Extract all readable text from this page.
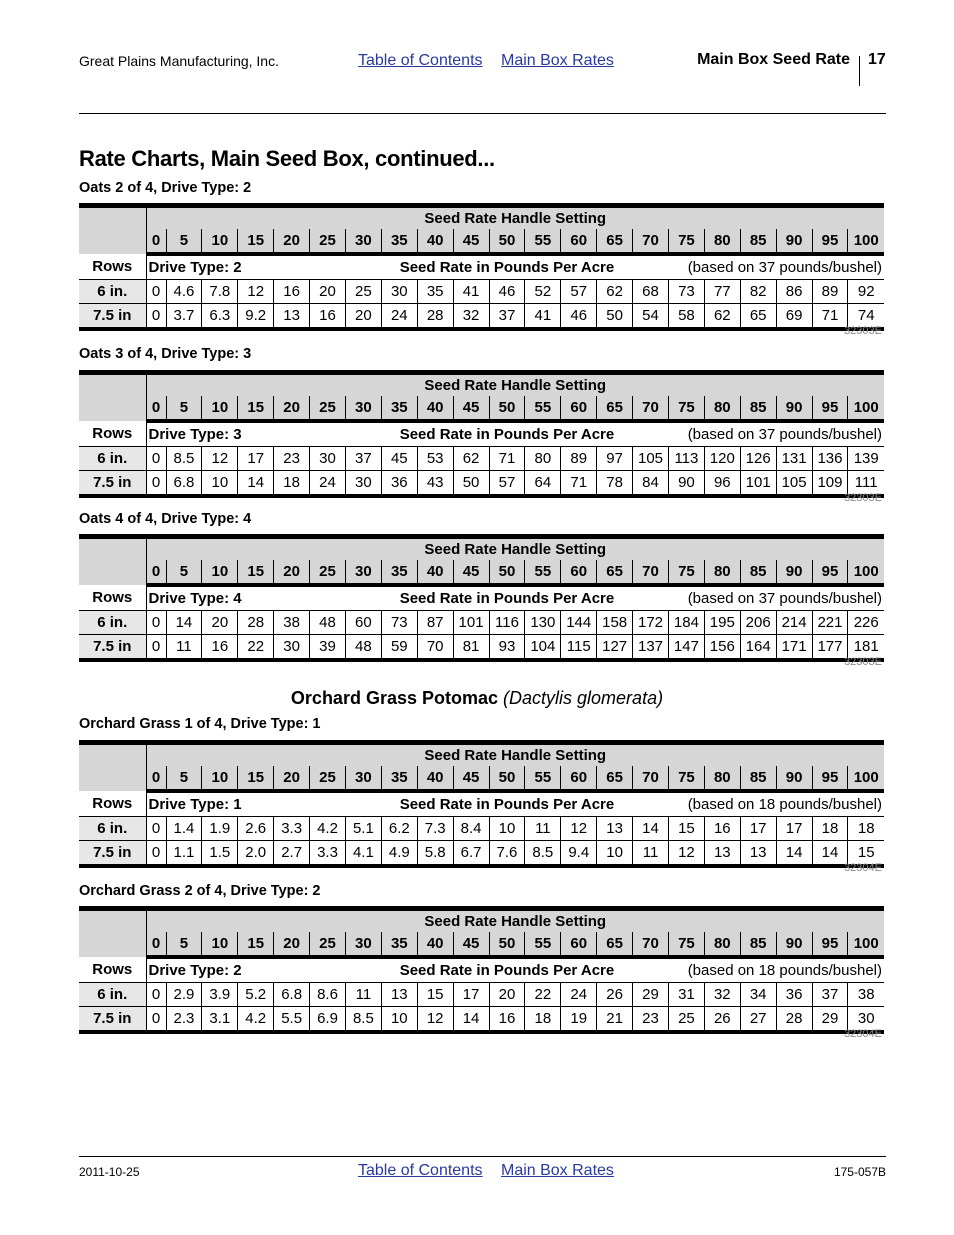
Great Plains Manufacturing, Inc.	Table of Contents Main Box Rates	Main Box Seed Rate 17
Rate Charts, Main Seed Box, continued...
Oats 2 of 4, Drive Type: 2
	Seed Rate Handle Setting																				
	0	5	10	15	20	25	30	35	40	45	50	55	60	65	70	75	80	85	90	95	100
Rows	Drive Type: 2							Seed Rate in Pounds Per Acre							(based on 37 pounds/bushel)						
6 in.	0	4.6	7.8	12	16	20	25	30	35	41	46	52	57	62	68	73	77	82	86	89	92
7.5 in	0	3.7	6.3	9.2	13	16	20	24	28	32	37	41	46	50	54	58	62	65	69	71	74
32303E
Oats 3 of 4, Drive Type: 3
	Seed Rate Handle Setting																				
	0	5	10	15	20	25	30	35	40	45	50	55	60	65	70	75	80	85	90	95	100
Rows	Drive Type: 3							Seed Rate in Pounds Per Acre							(based on 37 pounds/bushel)						
6 in.	0	8.5	12	17	23	30	37	45	53	62	71	80	89	97	105	113	120	126	131	136	139
7.5 in	0	6.8	10	14	18	24	30	36	43	50	57	64	71	78	84	90	96	101	105	109	111
32303E
Oats 4 of 4, Drive Type: 4
	Seed Rate Handle Setting																				
	0	5	10	15	20	25	30	35	40	45	50	55	60	65	70	75	80	85	90	95	100
Rows	Drive Type: 4							Seed Rate in Pounds Per Acre							(based on 37 pounds/bushel)						
6 in.	0	14	20	28	38	48	60	73	87	101	116	130	144	158	172	184	195	206	214	221	226
7.5 in	0	11	16	22	30	39	48	59	70	81	93	104	115	127	137	147	156	164	171	177	181
32303E
Orchard Grass Potomac (Dactylis glomerata)
Orchard Grass 1 of 4, Drive Type: 1
	Seed Rate Handle Setting																				
	0	5	10	15	20	25	30	35	40	45	50	55	60	65	70	75	80	85	90	95	100
Rows	Drive Type: 1							Seed Rate in Pounds Per Acre							(based on 18 pounds/bushel)						
6 in.	0	1.4	1.9	2.6	3.3	4.2	5.1	6.2	7.3	8.4	10	11	12	13	14	15	16	17	17	18	18
7.5 in	0	1.1	1.5	2.0	2.7	3.3	4.1	4.9	5.8	6.7	7.6	8.5	9.4	10	11	12	13	13	14	14	15
32304E
Orchard Grass 2 of 4, Drive Type: 2
	Seed Rate Handle Setting																				
	0	5	10	15	20	25	30	35	40	45	50	55	60	65	70	75	80	85	90	95	100
Rows	Drive Type: 2							Seed Rate in Pounds Per Acre							(based on 18 pounds/bushel)						
6 in.	0	2.9	3.9	5.2	6.8	8.6	11	13	15	17	20	22	24	26	29	31	32	34	36	37	38
7.5 in	0	2.3	3.1	4.2	5.5	6.9	8.5	10	12	14	16	18	19	21	23	25	26	27	28	29	30
32304E
2011-10-25	Table of Contents Main Box Rates	175-057B
